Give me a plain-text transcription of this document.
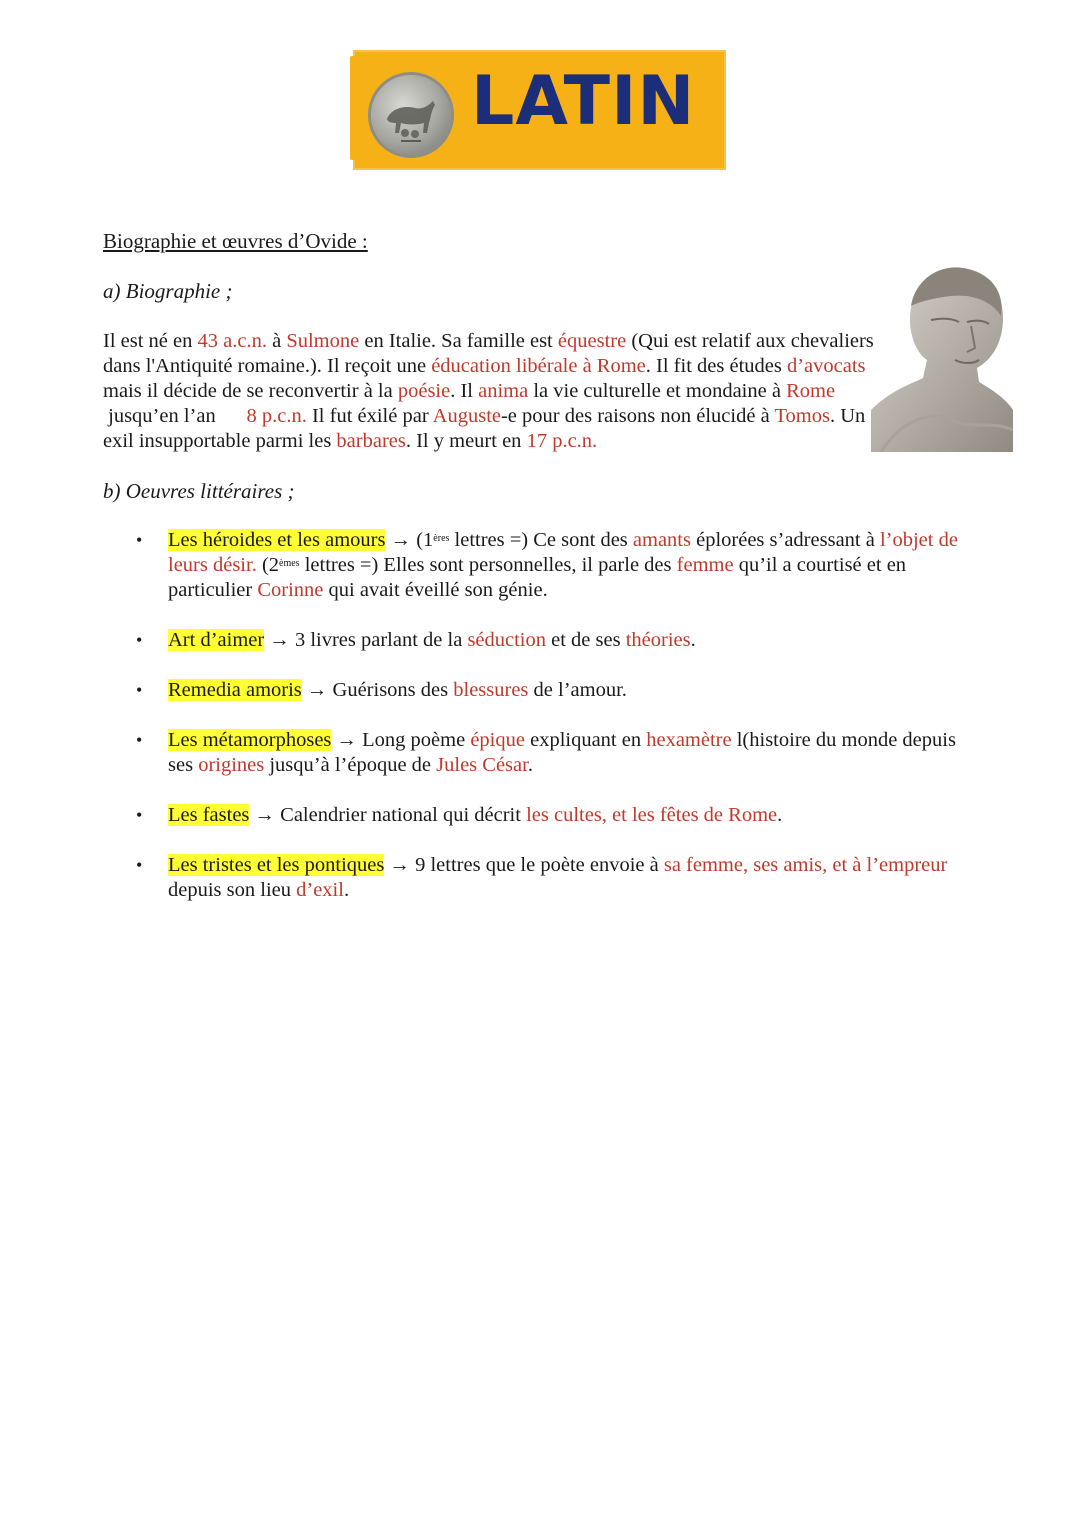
LATIN
Biographie et œuvres d’Ovide :
a) Biographie ;
Il est né en 43 a.c.n. à Sulmone en Italie. Sa famille est équestre (Qui est relatif aux chevaliers dans l'Antiquité romaine.). Il reçoit une éducation libérale à Rome. Il fit des études d’avocats mais il décide de se reconvertir à la poésie. Il anima la vie culturelle et mondaine à Rome jusqu’en l’an      8 p.c.n. Il fut éxilé par Auguste-e pour des raisons non élucidé à Tomos. Un exil insupportable parmi les barbares. Il y meurt en 17 p.c.n.
b) Oeuvres littéraires ;
• Les héroides et les amours → (1ères lettres =) Ce sont des amants éplorées s’adressant à l’objet de leurs désir. (2èmes lettres =) Elles sont personnelles, il parle des femme qu’il a courtisé et en particulier Corinne qui avait éveillé son génie.
• Art d’aimer → 3 livres parlant de la séduction et de ses théories.
• Remedia amoris → Guérisons des blessures de l’amour.
• Les métamorphoses → Long poème épique expliquant en hexamètre l(histoire du monde depuis ses origines jusqu’à l’époque de Jules César.
• Les fastes → Calendrier national qui décrit les cultes, et les fêtes de Rome.
• Les tristes et les pontiques → 9 lettres que le poète envoie à sa femme, ses amis, et à l’empreur depuis son lieu d’exil.
